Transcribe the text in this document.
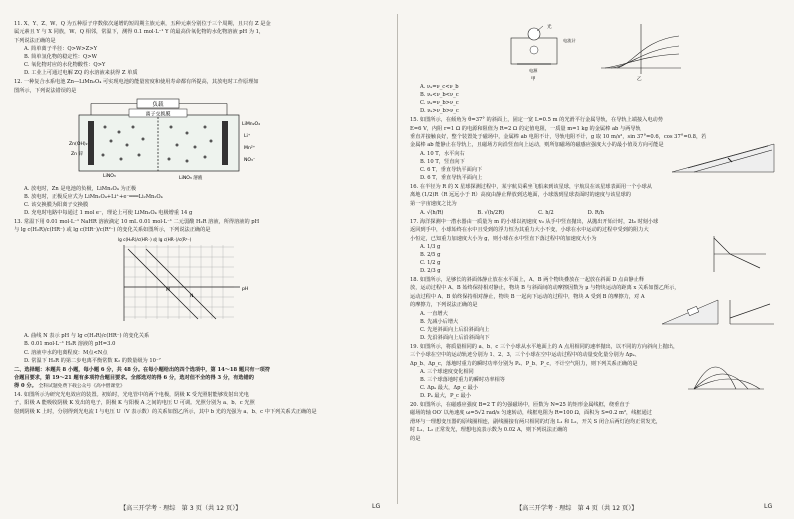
11. X、Y、Z、W、Q 为五种原子序数依次递增的短周期主族元素，五种元素分别位于三个周期，且只有 Z 是金
属元素且 Y 与 X 同族，W、Q 相邻，常温下，测得 0.1 mol·L⁻¹ Y 的最高价氧化物的水化物溶液 pH 为 1，
下列说法正确的是
A. 简单离子半径：Q>W>Z>Y
B. 简单氢化物的稳定性：Q>W
C. 氧化物对应的水化物酸性：Q>Y
D. 工业上可通过电解 ZQ 的水溶液来获得 Z 单质
12. 一种复合水系电池 Zn—LiMn₂O₄ 可实现电池的能量密度和使用寿命都有所提高，其放电时工作原理如
图所示，下列说法错误的是
负载
离子交换膜
Zn(OH)₂
Zn 锌
LiNO₃	LiNO₃ 溶液
LiMn₂O₄
Li⁺
Mn²⁺
NO₃⁻
A. 放电时，Zn 是电池的负极，LiMn₂O₄ 为正极
B. 放电时，正极反应式为 LiMn₂O₄+Li⁺+e⁻═══Li₂Mn₂O₄
C. 该交换膜为阳离子交换膜
D. 充电时电路中每通过 1 mol e⁻，理论上可使 LiMn₂O₄ 电极增重 14 g
13. 常温下用 0.01 mol·L⁻¹ NaHR 溶液滴定 10 mL 0.01 mol·L⁻¹ 二元弱酸 H₂R 溶液，所得溶液的 pH
与 lg c(H₂R)/c(HR⁻) 或 lg c(HR⁻)/c(R²⁻) 的变化关系如图所示，下列说法正确的是
lg c(H₂R)/c(HR⁻) 或 lg c(HR⁻)/c(R²⁻)
pH
M
N
A. 曲线 N 表示 pH 与 lg c(H₂R)/c(HR⁻) 的变化关系
B. 0.01 mol·L⁻¹ H₂R 溶液的 pH=3.0
C. 溶液中水的电离程度：M点<N点
D. 常温下 H₂R 的第二步电离平衡常数 K₂ 的数量级为 10⁻⁷
二、选择题：本题共 8 小题，每小题 6 分，共 48 分。在每小题给出的四个选项中，第 14～18 题只有一项符
合题目要求，第 19～21 题有多项符合题目要求。全部选对的得 6 分，选对但不全的得 3 分，有选错的
得 0 分。 全科试题免费下载公众号《高中僧课堂》
14. 如图所示为研究光电效应的装置。初始时，光电管中的两个电极，阴极 K 受光照射能够发射出光电
子，阳极 A 能吸收阴极 K 发出的电子，阴极 K 与阳极 A 之间的电压 U 可调。光照分别为 a、b、c 光照
射到阴极 K 上时，分别得到光电流 I 与电压 U（V 表示数）的关系如图乙所示，其中 b 光的光强为 a、b、c 中下列关系式正确的是
光
电流计
电源
甲	乙
A. νₐ=ν_c<ν_b
B. νₐ<ν_b<ν_c
C. νₐ=ν_b>ν_c
D. νₐ>ν_b>ν_c
15. 如图所示，在倾角为 θ=37° 的斜面上，固定一宽 L=0.5 m 的光滑平行金属导轨，在导轨上端接入电动势
E=6 V，内阻 r=1 Ω 的电源和阻值为 R=2 Ω 的定值电阻，一质量 m=1 kg 的金属棒 ab 与两导轨
垂直并接触良好，整个装置处于磁场中，金属棒 ab 电阻不计，导轨电阻不计，g 取 10 m/s²，sin 37°=0.6，cos 37°=0.8，若
金属棒 ab 能静止在导轨上，且磁场方向沿竖直向上运动，则所加磁场的磁感应强度大小的最小值及方向可能是
A. 10 T，水平向右
B. 10 T，竖直向下
C. 6 T，垂直导轨平面向下
D. 6 T，垂直导轨平面向上
16. 在半径为 R 的 X 星球探测过程中，某宇航员乘坐飞船来到该星球，宇航员在该星球表面用一个小球从
离地 (1/2)R（R 远远小于 R）高度由静止释放到达地面，小球落到星球表面时的速度与该星球的
第一宇宙速度之比为
A. √(h/R)	B. √(h/2R)	C. h/2	D. R/h
17. 海洋探测中一潜水器由一质量为 m 的小球以初速度 v₀ 从手中竖直抛出，从抛出开始计时，2t₀ 时刻小球
返回到手中，小球始终在水中且受到的浮力恒为其重力大小不变，小球在水中运动的过程中受到的阻力大
小恒定，已知重力加速度大小为 g，则小球在水中竖直下落过程中的加速度大小为
A. 1/3 g
B. 2/5 g
C. 1/2 g
D. 2/3 g
18. 如图所示，足够长的斜面体静止放在水平面上，A、B 两个物块叠放在一起放在斜面 D 点由静止释
放，运动过程中 A、B 始终保持相对静止，物块 B 与斜面间的动摩擦因数为 μ 与物块运动的距离 x 关系如图乙所示，
运动过程中 A、B 始终保持相对静止，物块 B 一起向下运动的过程中，物块 A 受到 B 的摩擦力，对 A
的摩擦力，下列说法正确的是
A. 一直增大
B. 先减小后增大
C. 先逆斜面向上后沿斜面向上
D. 先沿斜面向上后沿斜面向下
19. 如图所示，将质量相同的 a、b、c 三个小球从水平地面上的 A 点用相同的速率抛出，以不同的方向斜向上抛出，
三个小球在空中的运动轨迹分别为 1、2、3，三个小球在空中运动过程中的动量变化量分别为 Δpₐ、
Δp_b、Δp_c，落地时重力的瞬时功率分别为 Pₐ、P_b、P_c，不计空气阻力，则下列关系正确的是
A. 三个球速度变化相同
B. 三个球落地时重力的瞬时功率相等
C. Δpₐ 最大，Δp_c 最小
D. Pₐ 最大，P_c 最小
20. 如图所示，在磁感应强度 B=2 T 的匀强磁场中，匝数为 N=25 的矩形金属线框，绕垂直于
磁场的轴 OO′ 以角速度 ω=5√2 rad/s 匀速转动，线框电阻为 R=100 Ω，面积为 S=0.2 m²，线框通过
滑环与一理想变压器的原线圈相连，副线圈接有两只相同的灯泡 L₁ 和 L₂，开关 S 闭合后两灯泡均正常发光，
时 L₁、L₂ 正常发光，理想电流表示数为 0.02 A，则下列说法正确的
的是
【高三开学考 · 理综　第 3 页（共 12 页）】	LG	【高三开学考 · 理综　第 4 页（共 12 页）】	LG
